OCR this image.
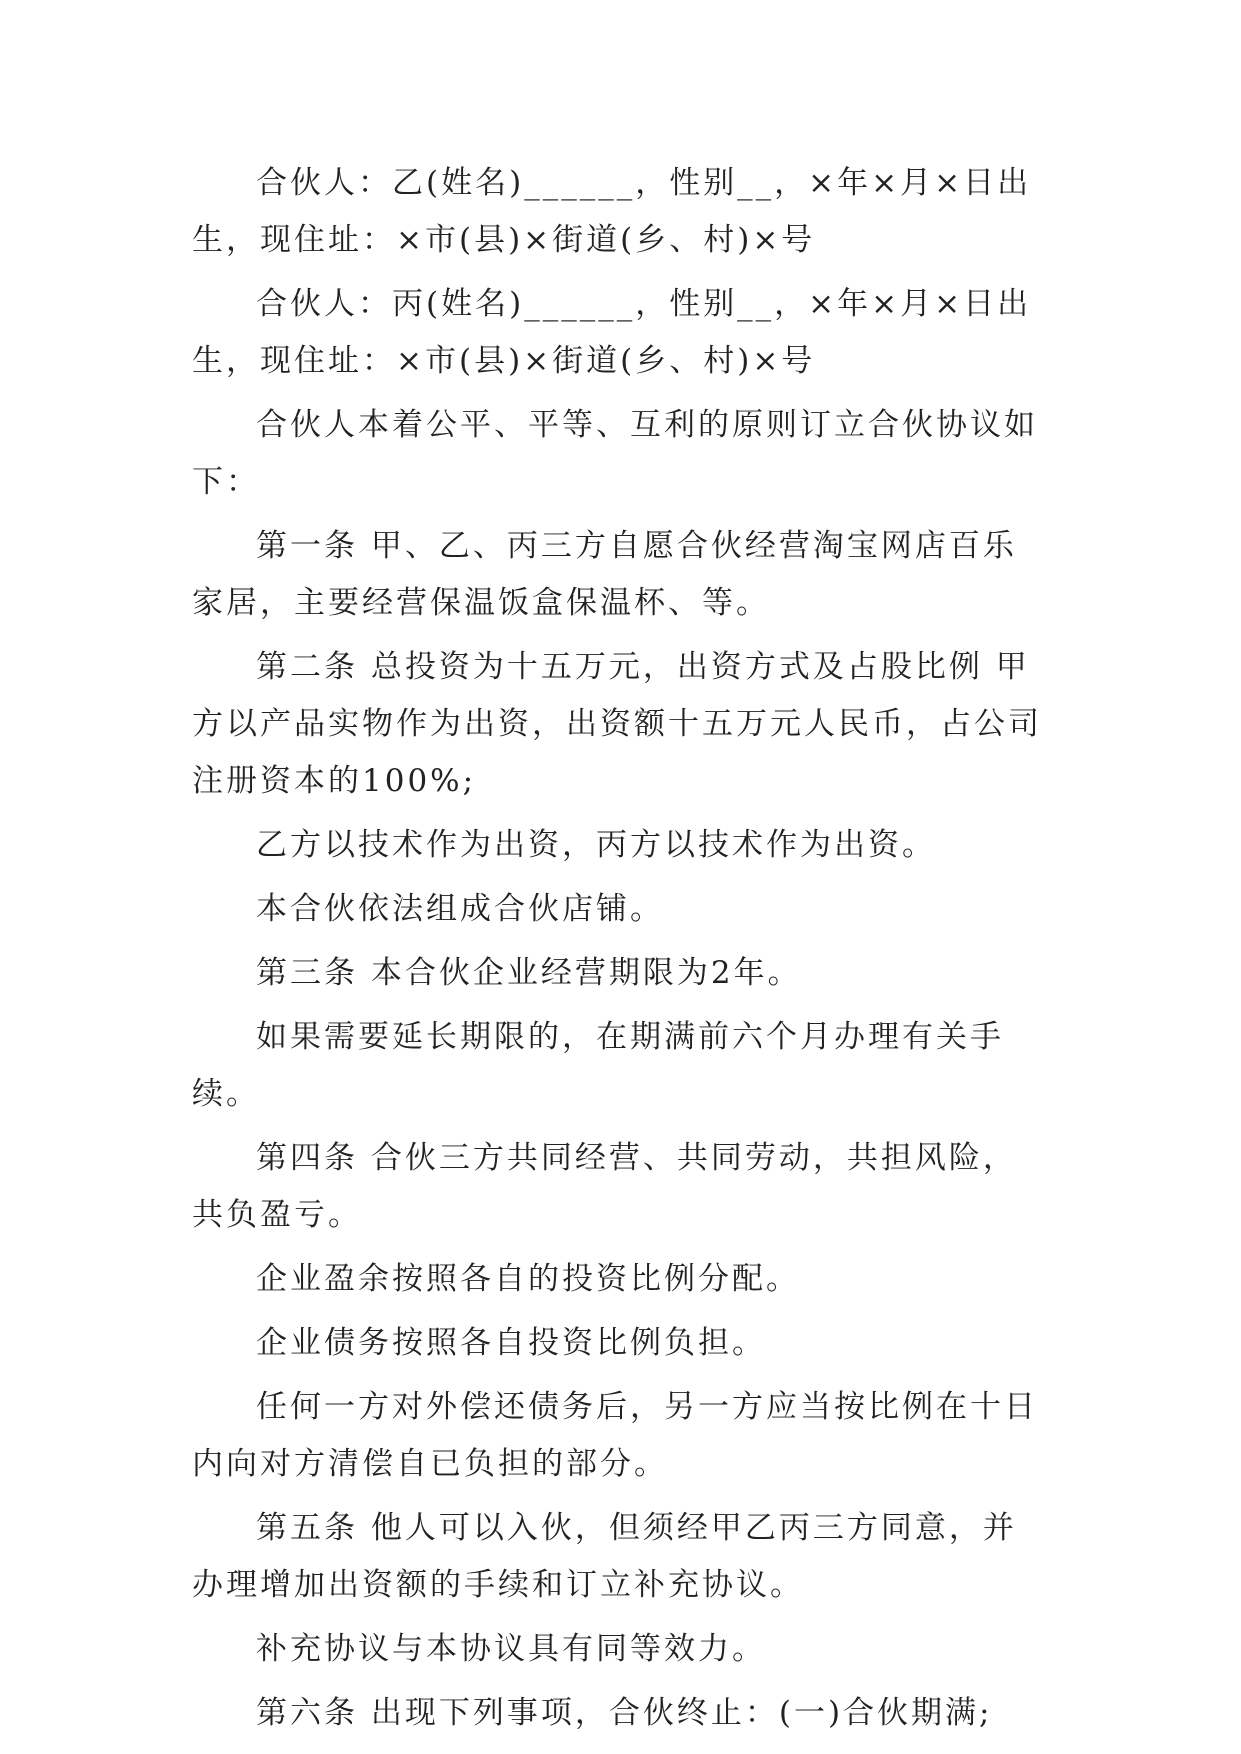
合伙人：乙(姓名)______，性别__，×年×月×日出生，现住址：×市(县)×街道(乡、村)×号

合伙人：丙(姓名)______，性别__，×年×月×日出生，现住址：×市(县)×街道(乡、村)×号

合伙人本着公平、平等、互利的原则订立合伙协议如下：

第一条 甲、乙、丙三方自愿合伙经营淘宝网店百乐家居，主要经营保温饭盒保温杯、等。

第二条 总投资为十五万元，出资方式及占股比例 甲方以产品实物作为出资，出资额十五万元人民币，占公司注册资本的100%;

乙方以技术作为出资，丙方以技术作为出资。

本合伙依法组成合伙店铺。

第三条 本合伙企业经营期限为2年。

如果需要延长期限的，在期满前六个月办理有关手续。

第四条 合伙三方共同经营、共同劳动，共担风险，共负盈亏。

企业盈余按照各自的投资比例分配。

企业债务按照各自投资比例负担。

任何一方对外偿还债务后，另一方应当按比例在十日内向对方清偿自已负担的部分。

第五条 他人可以入伙，但须经甲乙丙三方同意，并办理增加出资额的手续和订立补充协议。

补充协议与本协议具有同等效力。

第六条 出现下列事项，合伙终止：(一)合伙期满;
